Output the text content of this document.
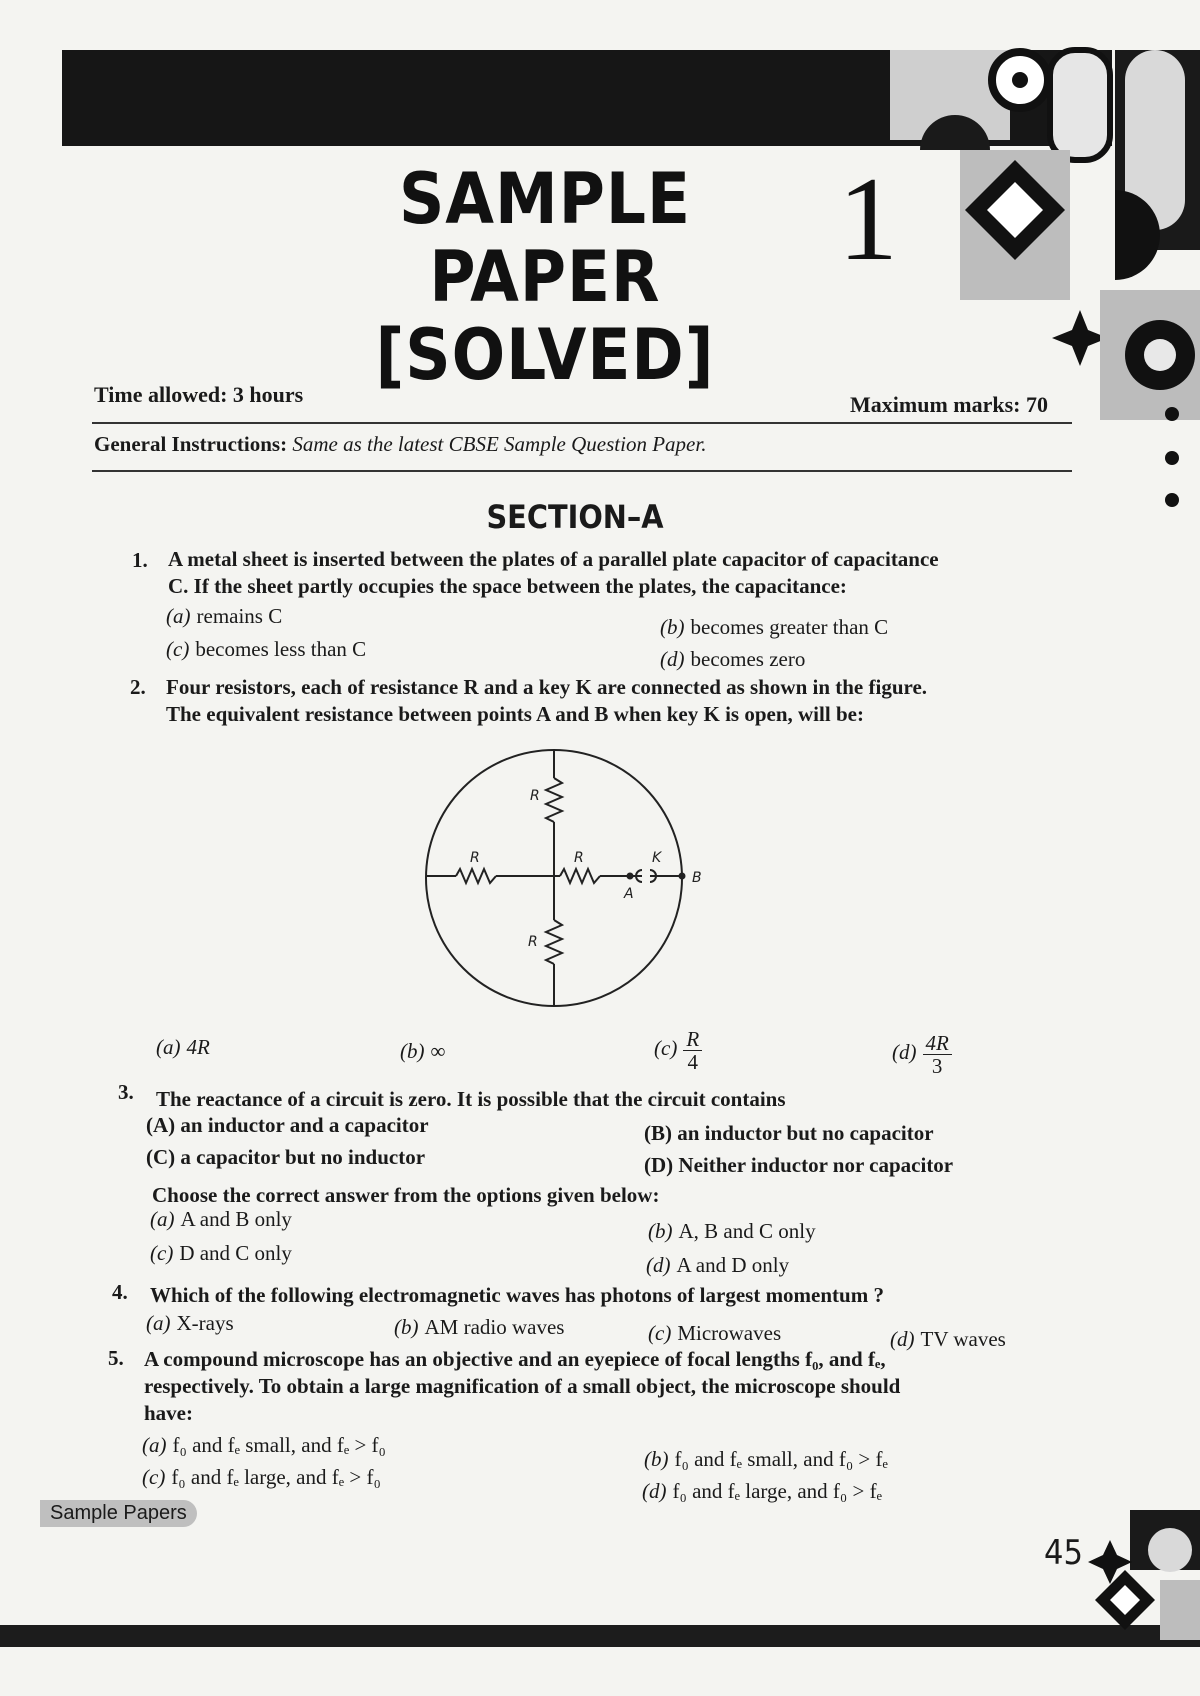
SAMPLE PAPER
[SOLVED]
1
Time allowed: 3 hours	Maximum marks: 70
General Instructions: Same as the latest CBSE Sample Question Paper.
SECTION–A
1. A metal sheet is inserted between the plates of a parallel plate capacitor of capacitance
C. If the sheet partly occupies the space between the plates, the capacitance:
(a) remains C	(b) becomes greater than C
(c) becomes less than C	(d) becomes zero
2. Four resistors, each of resistance R and a key K are connected as shown in the figure.
The equivalent resistance between points A and B when key K is open, will be:
R
R	R
R
K
A
B
(a) 4R	(b) ∞	$(c) \frac{R}{4}$	$(d) \frac{4R}{3}$
3. The reactance of a circuit is zero. It is possible that the circuit contains
(A) an inductor and a capacitor	(B) an inductor but no capacitor
(C) a capacitor but no inductor	(D) Neither inductor nor capacitor
Choose the correct answer from the options given below:
(a) A and B only	(b) A, B and C only
(c) D and C only	(d) A and D only
4. Which of the following electromagnetic waves has photons of largest momentum ?
(a) X-rays	(b) AM radio waves	(c) Microwaves	(d) TV waves
5. A compound microscope has an objective and an eyepiece of focal lengths f₀, and fₑ,
respectively. To obtain a large magnification of a small object, the microscope should
have:
(a) f₀ and fₑ small, and fₑ > f₀
(b) f₀ and fₑ small, and f₀ > fₑ
(c) f₀ and fₑ large, and fₑ > f₀
(d) f₀ and fₑ large, and f₀ > fₑ
Sample Papers
45
